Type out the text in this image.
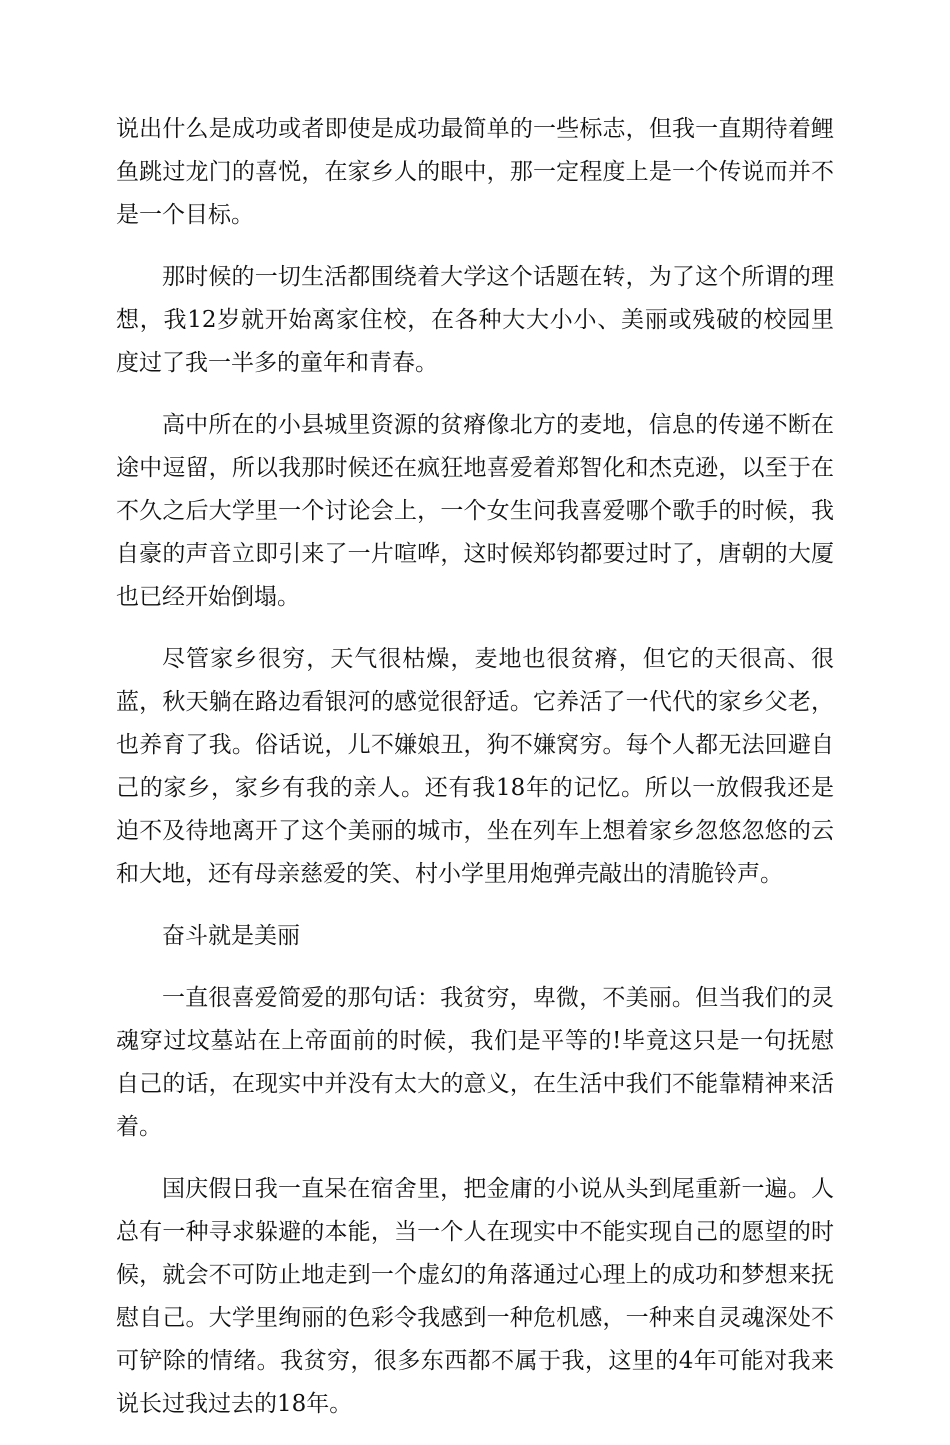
说出什么是成功或者即使是成功最简单的一些标志，但我一直期待着鲤鱼跳过龙门的喜悦，在家乡人的眼中，那一定程度上是一个传说而并不是一个目标。

那时候的一切生活都围绕着大学这个话题在转，为了这个所谓的理想，我12岁就开始离家住校，在各种大大小小、美丽或残破的校园里度过了我一半多的童年和青春。

高中所在的小县城里资源的贫瘠像北方的麦地，信息的传递不断在途中逗留，所以我那时候还在疯狂地喜爱着郑智化和杰克逊，以至于在不久之后大学里一个讨论会上，一个女生问我喜爱哪个歌手的时候，我自豪的声音立即引来了一片喧哗，这时候郑钧都要过时了，唐朝的大厦也已经开始倒塌。

尽管家乡很穷，天气很枯燥，麦地也很贫瘠，但它的天很高、很蓝，秋天躺在路边看银河的感觉很舒适。它养活了一代代的家乡父老，也养育了我。俗话说，儿不嫌娘丑，狗不嫌窝穷。每个人都无法回避自己的家乡，家乡有我的亲人。还有我18年的记忆。所以一放假我还是迫不及待地离开了这个美丽的城市，坐在列车上想着家乡忽悠忽悠的云和大地，还有母亲慈爱的笑、村小学里用炮弹壳敲出的清脆铃声。

奋斗就是美丽

一直很喜爱简爱的那句话：我贫穷，卑微，不美丽。但当我们的灵魂穿过坟墓站在上帝面前的时候，我们是平等的!毕竟这只是一句抚慰自己的话，在现实中并没有太大的意义，在生活中我们不能靠精神来活着。

国庆假日我一直呆在宿舍里，把金庸的小说从头到尾重新一遍。人总有一种寻求躲避的本能，当一个人在现实中不能实现自己的愿望的时候，就会不可防止地走到一个虚幻的角落通过心理上的成功和梦想来抚慰自己。大学里绚丽的色彩令我感到一种危机感，一种来自灵魂深处不可铲除的情绪。我贫穷，很多东西都不属于我，这里的4年可能对我来说长过我过去的18年。
